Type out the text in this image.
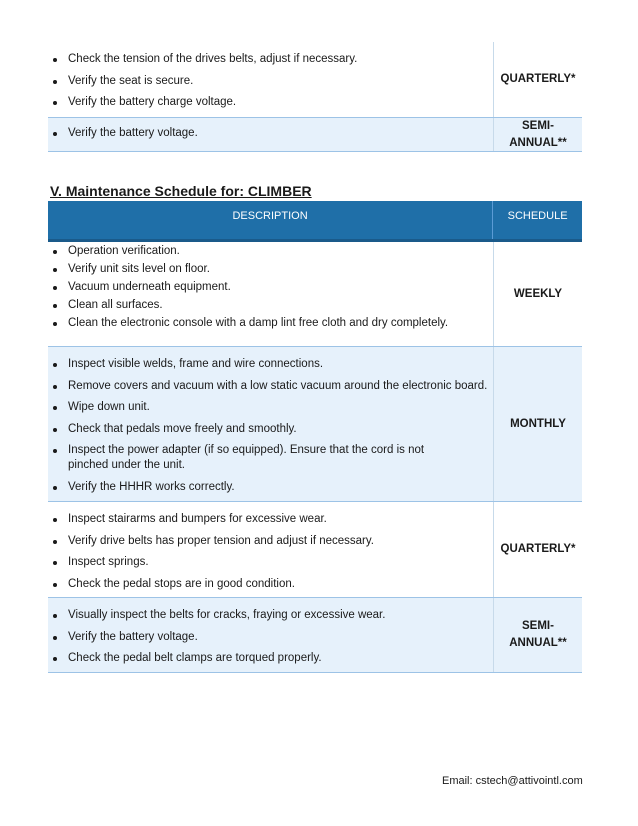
Check the tension of the drives belts, adjust if necessary.
Verify the seat is secure.
Verify the battery charge voltage.
QUARTERLY*
Verify the battery voltage.
SEMI-ANNUAL**
V. Maintenance Schedule for: CLIMBER
DESCRIPTION	SCHEDULE
Operation verification.
Verify unit sits level on floor.
Vacuum underneath equipment.
Clean all surfaces.
Clean the electronic console with a damp lint free cloth and dry completely.
WEEKLY
Inspect visible welds, frame and wire connections.
Remove covers and vacuum with a low static vacuum around the electronic board.
Wipe down unit.
Check that pedals move freely and smoothly.
Inspect the power adapter (if so equipped). Ensure that the cord is not pinched under the unit.
Verify the HHHR works correctly.
MONTHLY
Inspect stairarms and bumpers for excessive wear.
Verify drive belts has proper tension and adjust if necessary.
Inspect springs.
Check the pedal stops are in good condition.
QUARTERLY*
Visually inspect the belts for cracks, fraying or excessive wear.
Verify the battery voltage.
Check the pedal belt clamps are torqued properly.
SEMI-ANNUAL**
Email: cstech@attivointl.com
